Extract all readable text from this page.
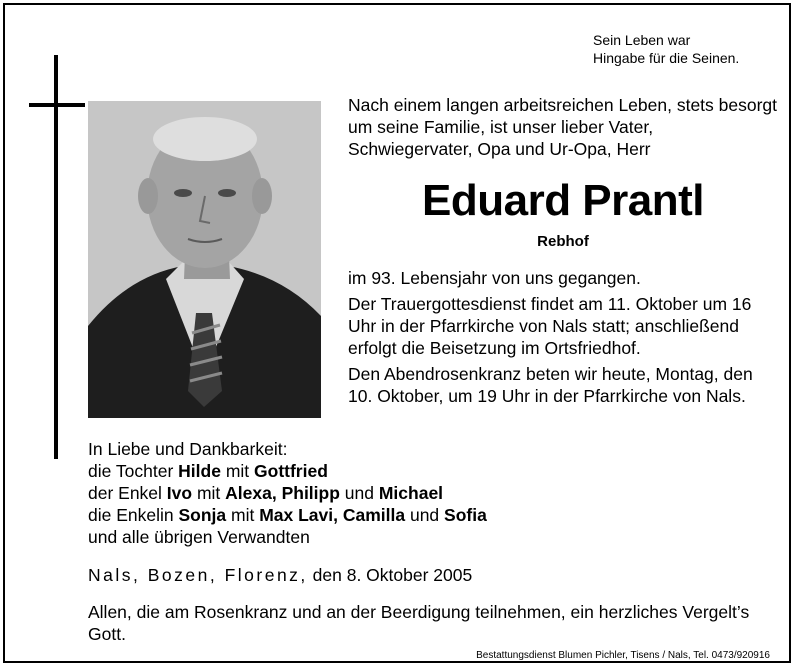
Sein Leben war
Hingabe für die Seinen.

Nach einem langen arbeitsreichen Leben, stets besorgt um seine Familie, ist unser lieber Vater, Schwiegervater, Opa und Ur-Opa, Herr

Eduard Prantl
Rebhof

im 93. Lebensjahr von uns gegangen.

Der Trauergottesdienst findet am 11. Oktober um 16 Uhr in der Pfarrkirche von Nals statt; anschließend erfolgt die Beisetzung im Ortsfriedhof.

Den Abendrosenkranz beten wir heute, Montag, den 10. Oktober, um 19 Uhr in der Pfarrkirche von Nals.

In Liebe und Dankbarkeit:
die Tochter Hilde mit Gottfried
der Enkel Ivo mit Alexa, Philipp und Michael
die Enkelin Sonja mit Max Lavi, Camilla und Sofia
und alle übrigen Verwandten
Nals, Bozen, Florenz, den 8. Oktober 2005
Allen, die am Rosenkranz und an der Beerdigung teilnehmen, ein herzliches Vergelt’s Gott.
Bestattungsdienst Blumen Pichler, Tisens / Nals, Tel. 0473/920916
